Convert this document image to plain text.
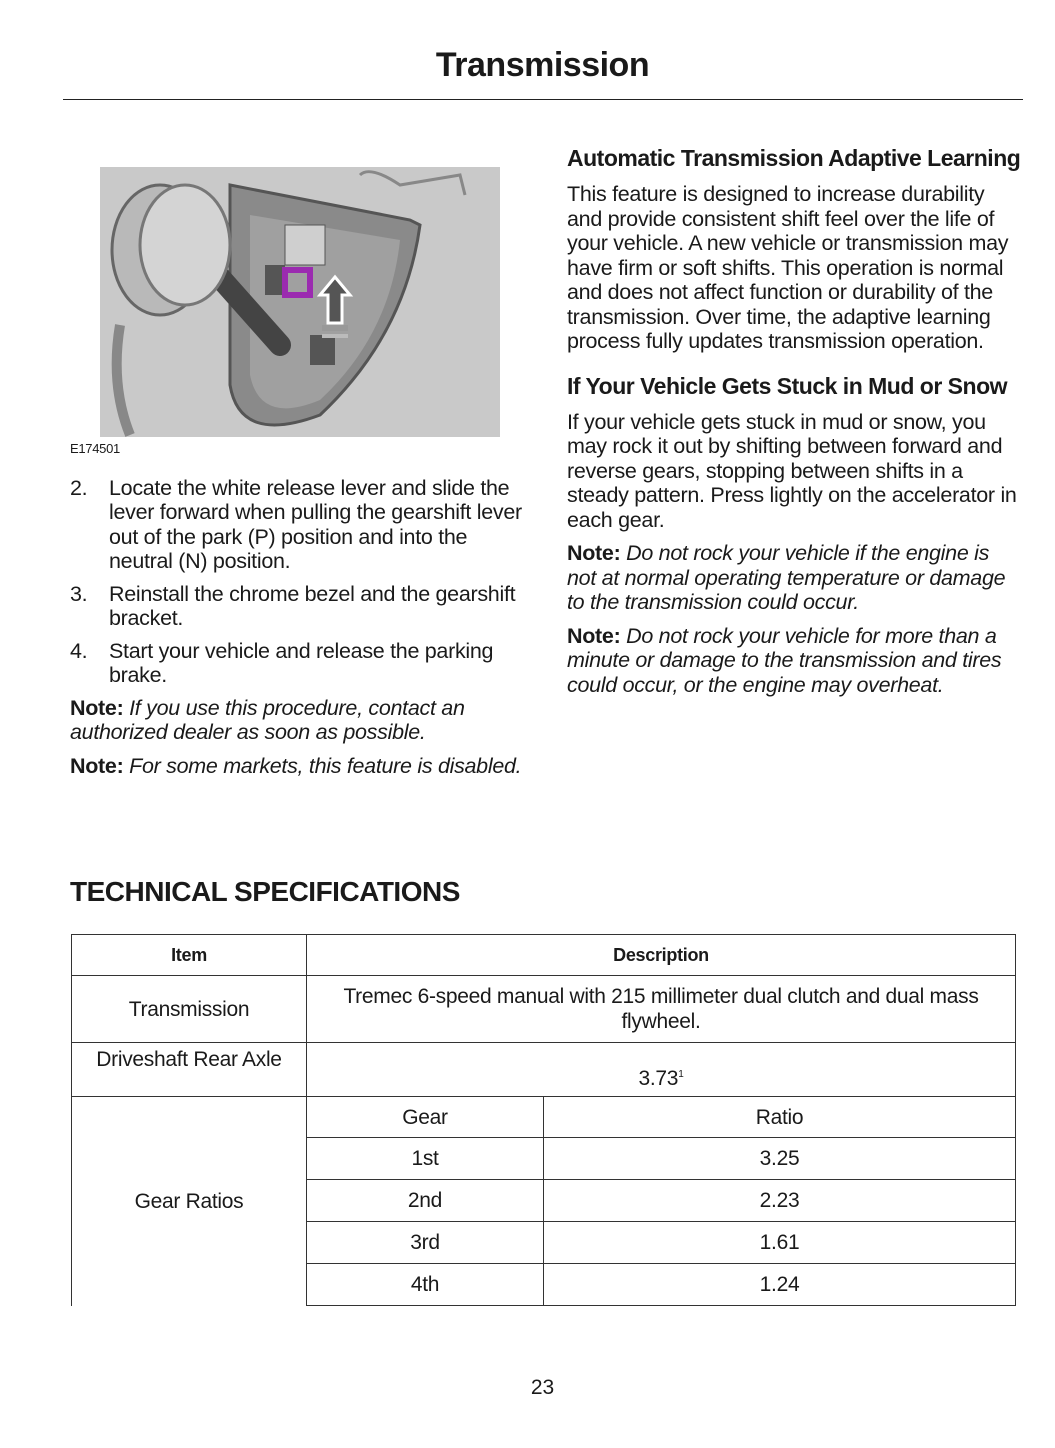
Transmission
E174501
2. Locate the white release lever and slide the lever forward when pulling the gearshift lever out of the park (P) position and into the neutral (N) position.
3. Reinstall the chrome bezel and the gearshift bracket.
4. Start your vehicle and release the parking brake.

Note: If you use this procedure, contact an authorized dealer as soon as possible.

Note: For some markets, this feature is disabled.

Automatic Transmission Adaptive Learning

This feature is designed to increase durability and provide consistent shift feel over the life of your vehicle. A new vehicle or transmission may have firm or soft shifts. This operation is normal and does not affect function or durability of the transmission. Over time, the adaptive learning process fully updates transmission operation.

If Your Vehicle Gets Stuck in Mud or Snow

If your vehicle gets stuck in mud or snow, you may rock it out by shifting between forward and reverse gears, stopping between shifts in a steady pattern. Press lightly on the accelerator in each gear.

Note: Do not rock your vehicle if the engine is not at normal operating temperature or damage to the transmission could occur.

Note: Do not rock your vehicle for more than a minute or damage to the transmission and tires could occur, or the engine may overheat.

TECHNICAL SPECIFICATIONS
Item	Description	
Transmission	Tremec 6-speed manual with 215 millimeter dual clutch and dual mass flywheel.	
Driveshaft Rear Axle	3.73$^1$
Gear Ratios	Gear	Ratio
	1st	3.25
	2nd	2.23
	3rd	1.61
	4th	1.24
23
